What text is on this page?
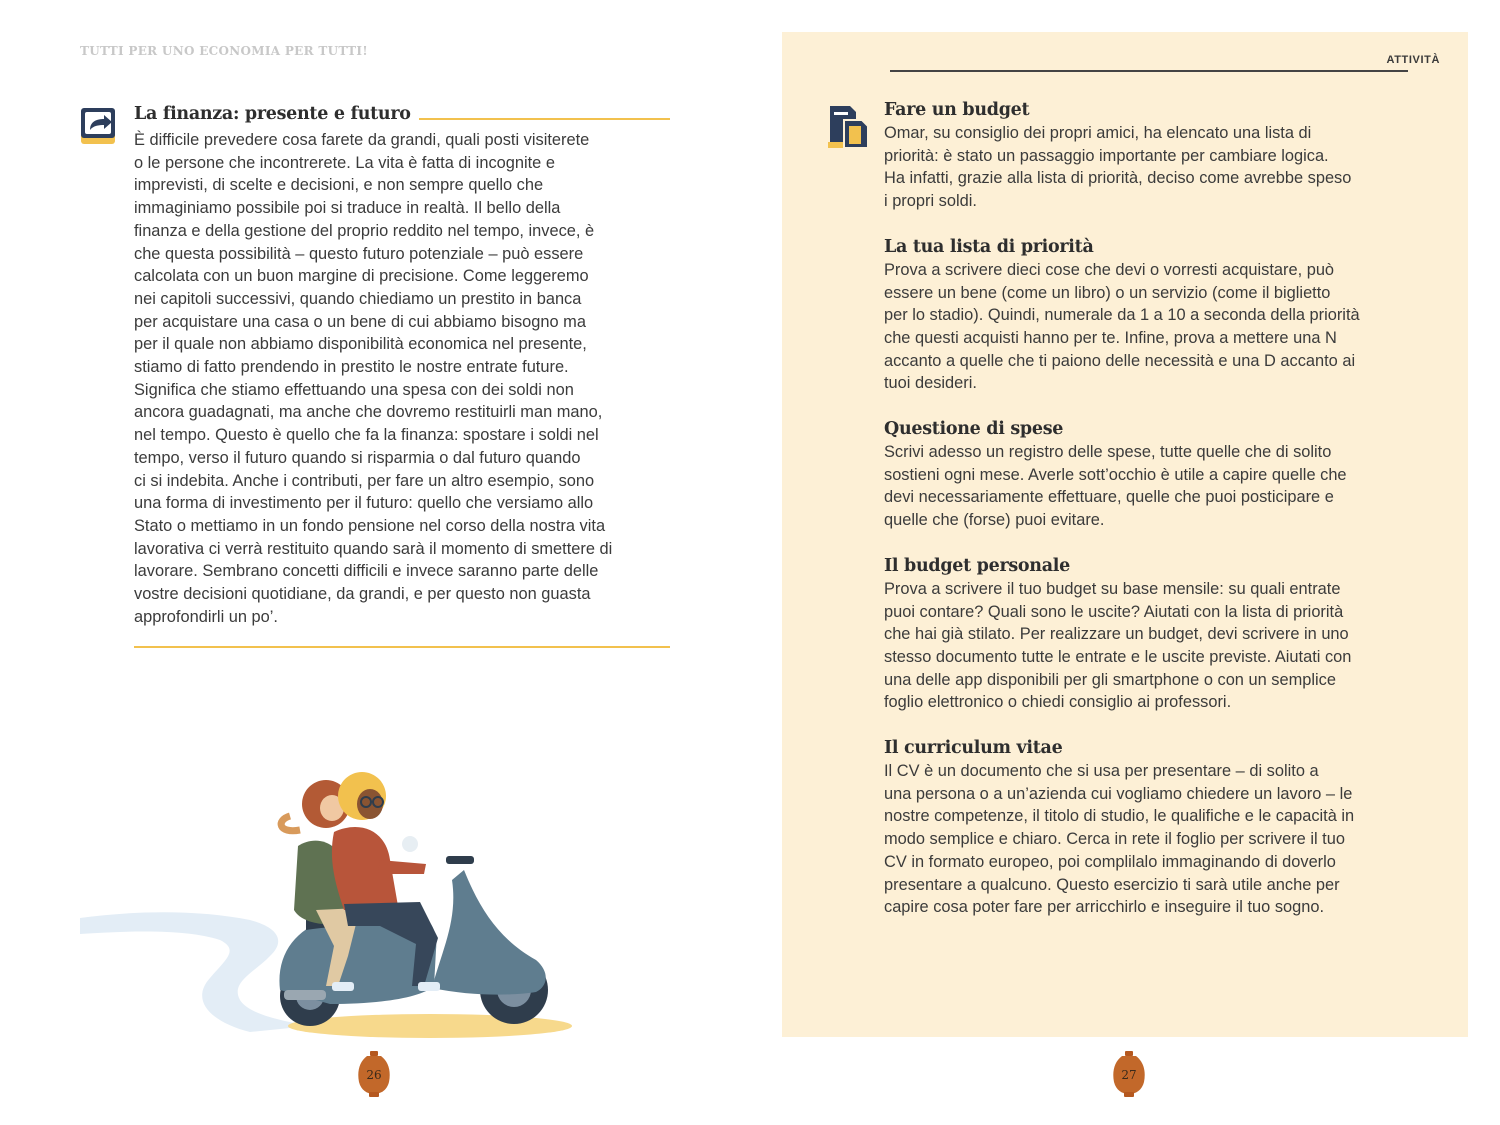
TUTTI PER UNO ECONOMIA PER TUTTI!
La finanza: presente e futuro

È difficile prevedere cosa farete da grandi, quali posti visiterete
o le persone che incontrerete. La vita è fatta di incognite e
imprevisti, di scelte e decisioni, e non sempre quello che
immaginiamo possibile poi si traduce in realtà. Il bello della
finanza e della gestione del proprio reddito nel tempo, invece, è
che questa possibilità – questo futuro potenziale – può essere
calcolata con un buon margine di precisione. Come leggeremo
nei capitoli successivi, quando chiediamo un prestito in banca
per acquistare una casa o un bene di cui abbiamo bisogno ma
per il quale non abbiamo disponibilità economica nel presente,
stiamo di fatto prendendo in prestito le nostre entrate future.
Significa che stiamo effettuando una spesa con dei soldi non
ancora guadagnati, ma anche che dovremo restituirli man mano,
nel tempo. Questo è quello che fa la finanza: spostare i soldi nel
tempo, verso il futuro quando si risparmia o dal futuro quando
ci si indebita. Anche i contributi, per fare un altro esempio, sono
una forma di investimento per il futuro: quello che versiamo allo
Stato o mettiamo in un fondo pensione nel corso della nostra vita
lavorativa ci verrà restituito quando sarà il momento di smettere di
lavorare. Sembrano concetti difficili e invece saranno parte delle
vostre decisioni quotidiane, da grandi, e per questo non guasta
approfondirli un po’.

26
ATTIVITÀ
Fare un budget

Omar, su consiglio dei propri amici, ha elencato una lista di
priorità: è stato un passaggio importante per cambiare logica.
Ha infatti, grazie alla lista di priorità, deciso come avrebbe speso
i propri soldi.

La tua lista di priorità

Prova a scrivere dieci cose che devi o vorresti acquistare, può
essere un bene (come un libro) o un servizio (come il biglietto
per lo stadio). Quindi, numerale da 1 a 10 a seconda della priorità
che questi acquisti hanno per te. Infine, prova a mettere una N
accanto a quelle che ti paiono delle necessità e una D accanto ai
tuoi desideri.

Questione di spese

Scrivi adesso un registro delle spese, tutte quelle che di solito
sostieni ogni mese. Averle sott’occhio è utile a capire quelle che
devi necessariamente effettuare, quelle che puoi posticipare e
quelle che (forse) puoi evitare.

Il budget personale

Prova a scrivere il tuo budget su base mensile: su quali entrate
puoi contare? Quali sono le uscite? Aiutati con la lista di priorità
che hai già stilato. Per realizzare un budget, devi scrivere in uno
stesso documento tutte le entrate e le uscite previste. Aiutati con
una delle app disponibili per gli smartphone o con un semplice
foglio elettronico o chiedi consiglio ai professori.

Il curriculum vitae

Il CV è un documento che si usa per presentare – di solito a
una persona o a un’azienda cui vogliamo chiedere un lavoro – le
nostre competenze, il titolo di studio, le qualifiche e le capacità in
modo semplice e chiaro. Cerca in rete il foglio per scrivere il tuo
CV in formato europeo, poi complilalo immaginando di doverlo
presentare a qualcuno. Questo esercizio ti sarà utile anche per
capire cosa poter fare per arricchirlo e inseguire il tuo sogno.

27
